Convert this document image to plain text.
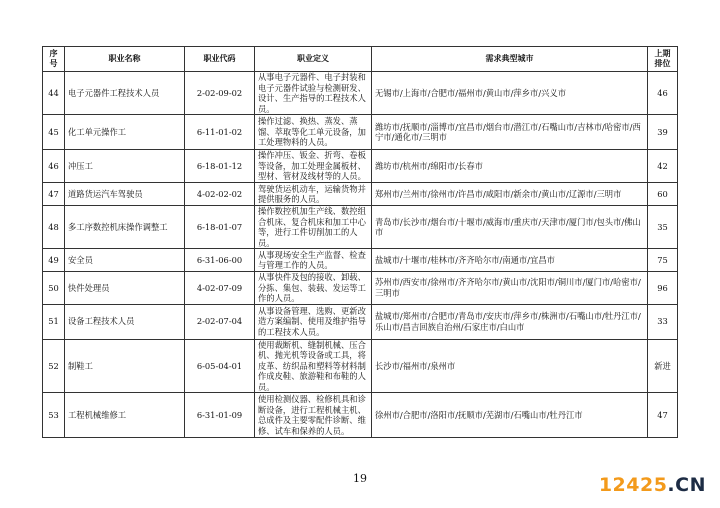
序号	职业名称	职业代码	职业定义	需求典型城市	上期
排位
44	电子元器件工程技术人员	2-02-09-02	从事电子元器件、电子封装和电子元器件试验与检测研发、设计、生产指导的工程技术人员。	无锡市/上海市/合肥市/福州市/黄山市/萍乡市/兴义市	46
45	化工单元操作工	6-11-01-02	操作过滤、换热、蒸发、蒸馏、萃取等化工单元设备，加工处理物料的人员。	潍坊市/抚顺市/淄博市/宜昌市/烟台市/潜江市/石嘴山市/吉林市/哈密市/西宁市/通化市/三明市	39
46	冲压工	6-18-01-12	操作冲压、钣金、折弯、卷板等设备，加工处理金属板材、型材、管材及线材等的人员。	潍坊市/杭州市/绵阳市/长春市	42
47	道路货运汽车驾驶员	4-02-02-02	驾驶货运机动车，运输货物并提供服务的人员。	郑州市/兰州市/徐州市/许昌市/咸阳市/新余市/黄山市/辽源市/三明市	60
48	多工序数控机床操作调整工	6-18-01-07	操作数控机加生产线、数控组合机床、复合机床和加工中心等，进行工件切削加工的人员。	青岛市/长沙市/烟台市/十堰市/威海市/重庆市/天津市/厦门市/包头市/佛山市	35
49	安全员	6-31-06-00	从事现场安全生产监督、检查与管理工作的人员。	盐城市/十堰市/桂林市/齐齐哈尔市/南通市/宜昌市	75
50	快件处理员	4-02-07-09	从事快件及包的接收、卸载、分拣、集包、装载、发运等工作的人员。	苏州市/西安市/徐州市/齐齐哈尔市/黄山市/沈阳市/铜川市/厦门市/哈密市/三明市	96
51	设备工程技术人员	2-02-07-04	从事设备管理、选购、更新改造方案编制、使用及维护指导的工程技术人员。	盐城市/郑州市/合肥市/青岛市/安庆市/萍乡市/株洲市/石嘴山市/牡丹江市/乐山市/昌吉回族自治州/石家庄市/白山市	33
52	制鞋工	6-05-04-01	使用裁断机、缝制机械、压合机、抛光机等设备或工具，将皮革、纺织品和塑料等材料制作成皮鞋、旅游鞋和布鞋的人员。	长沙市/福州市/泉州市	新进
53	工程机械维修工	6-31-01-09	使用检测仪器、检修机具和诊断设备，进行工程机械主机、总成件及主要零配件诊断、维修、试车和保养的人员。	徐州市/合肥市/洛阳市/抚顺市/芜湖市/石嘴山市/牡丹江市	47
19	12425.CN
